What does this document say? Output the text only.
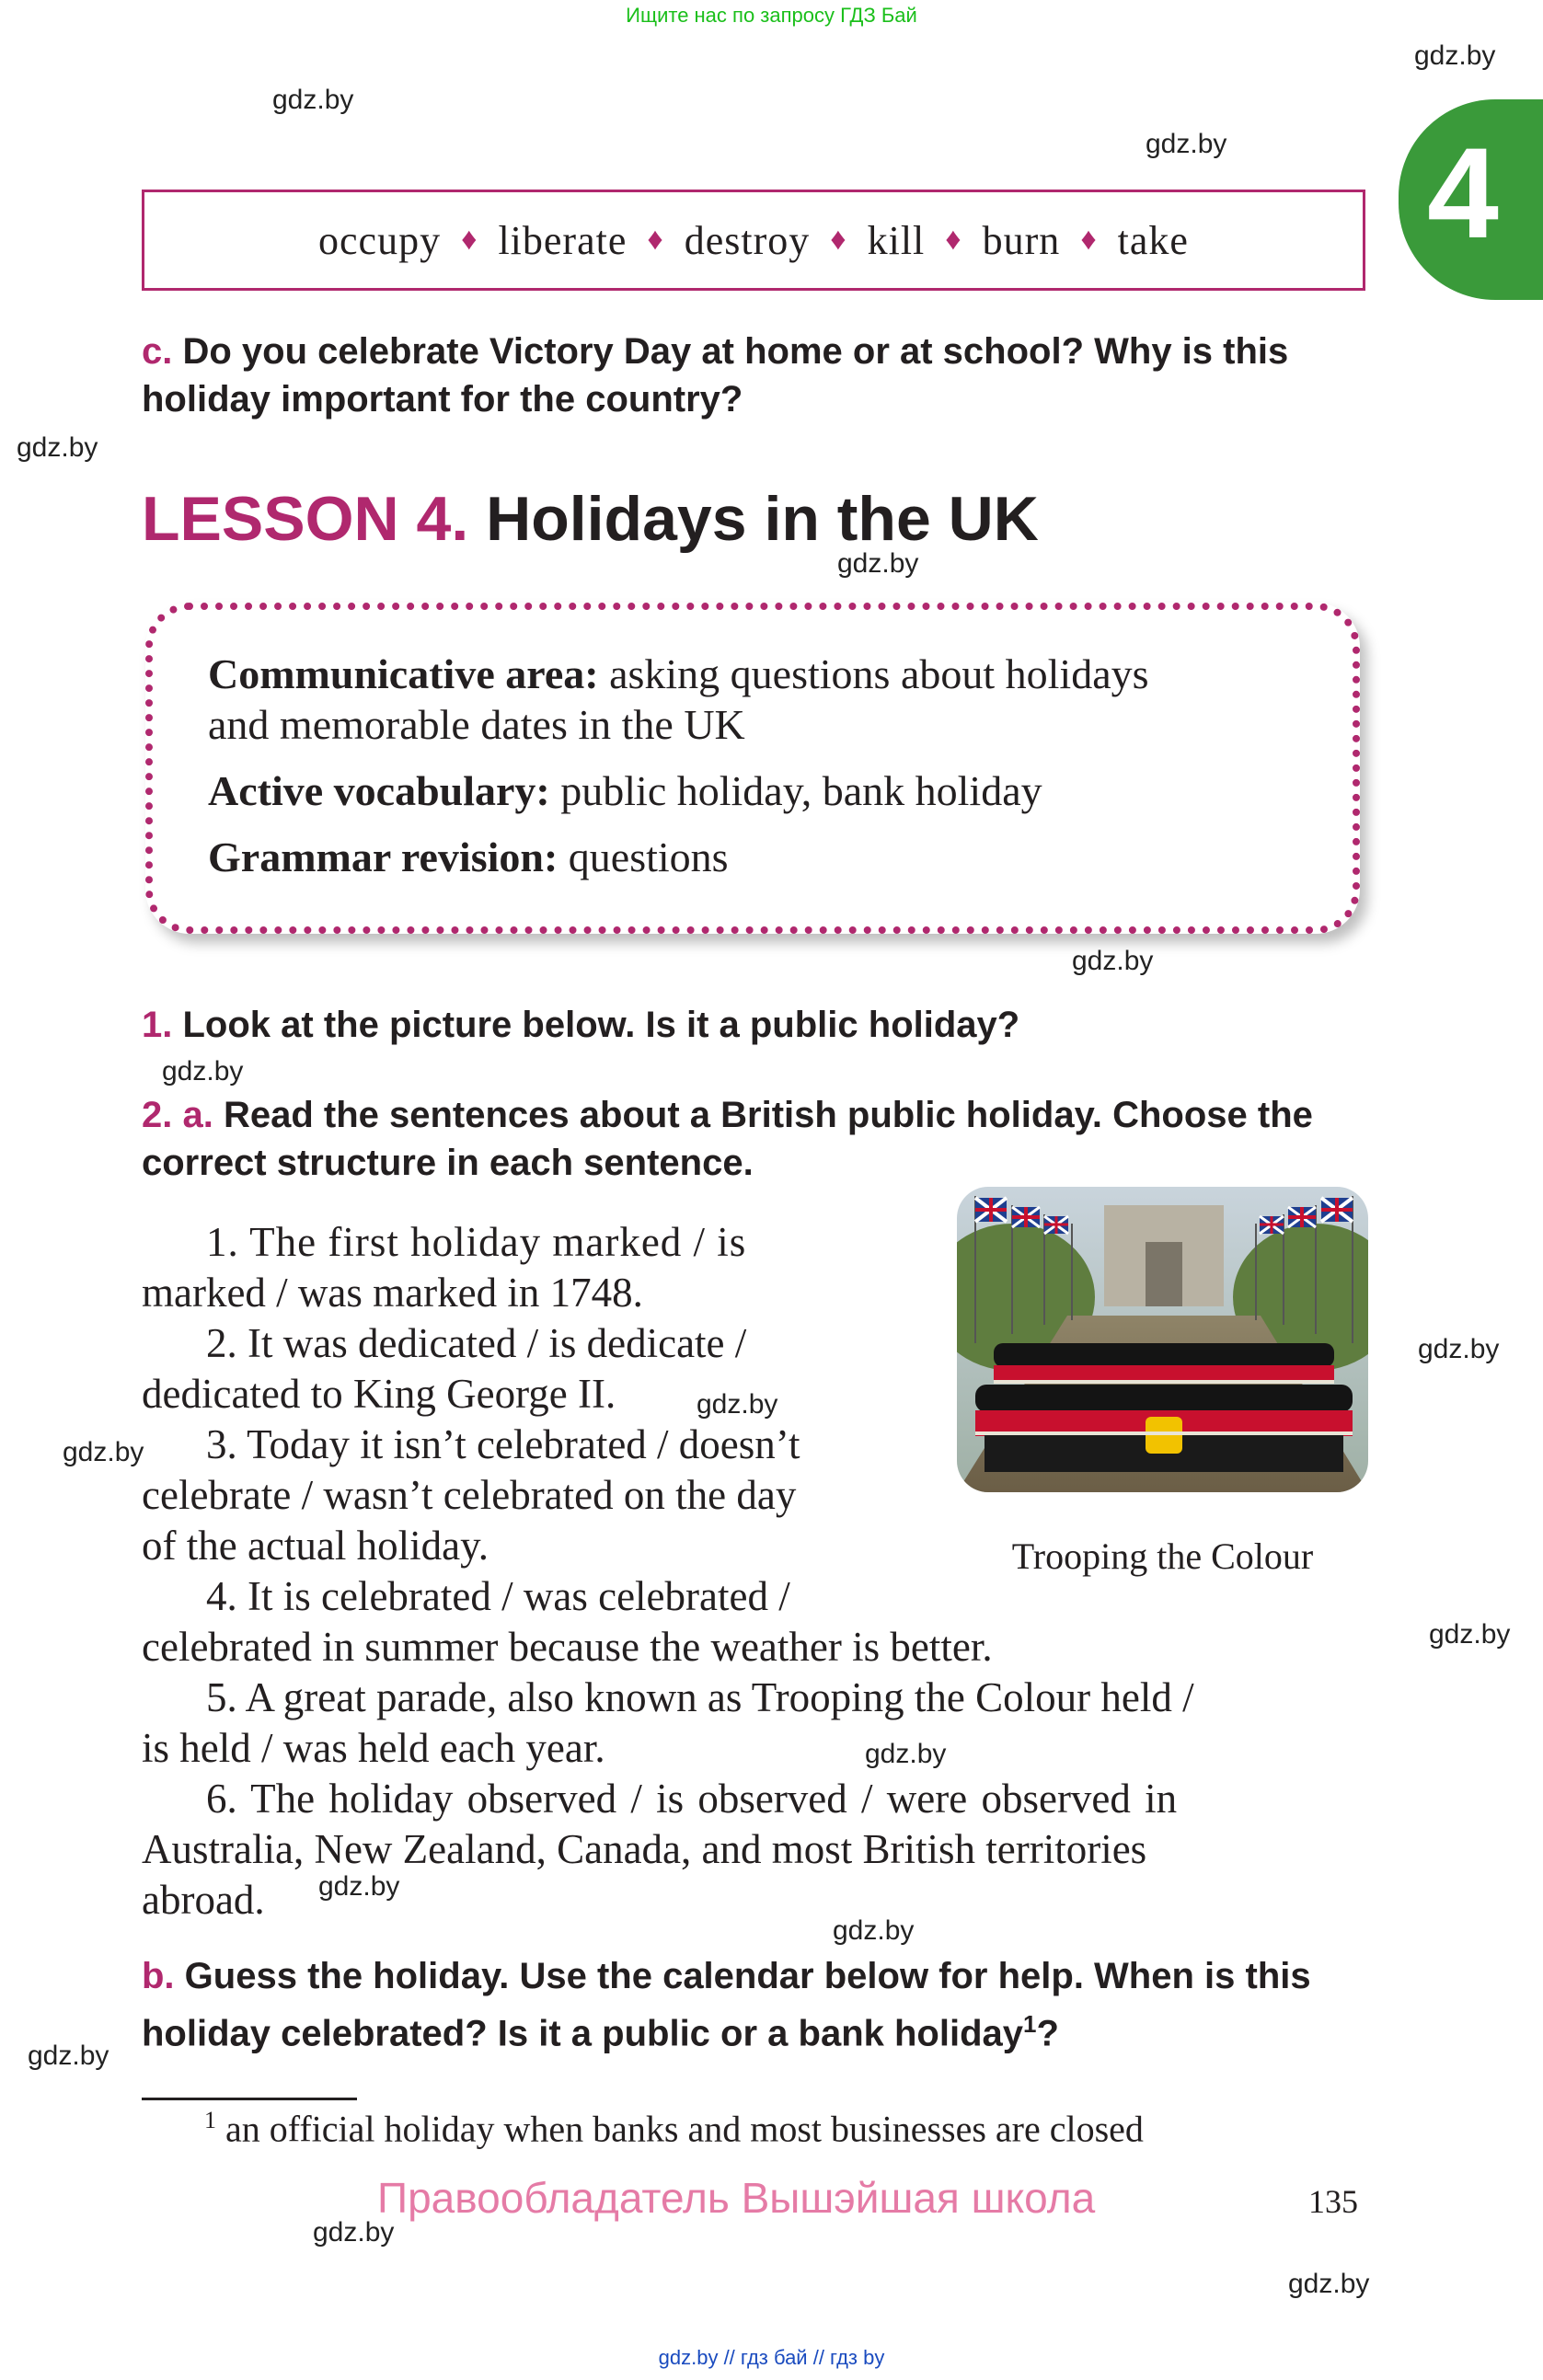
Ищите нас по запросу ГДЗ Бай
4
gdz.by
gdz.by
gdz.by
gdz.by
gdz.by
gdz.by
gdz.by
gdz.by
gdz.by
gdz.by
gdz.by
gdz.by
gdz.by
gdz.by
gdz.by
gdz.by
gdz.by
occupy ♦ liberate ♦ destroy ♦ kill ♦ burn ♦ take
c. Do you celebrate Victory Day at home or at school? Why is this
holiday important for the country?
LESSON 4. Holidays in the UK
Communicative area: asking questions about holidays
and memorable dates in the UK
Active vocabulary: public holiday, bank holiday
Grammar revision: questions
1. Look at the picture below. Is it a public holiday?
2. a. Read the sentences about a British public holiday. Choose the
correct structure in each sentence.
1. The first holiday marked / is
marked / was marked in 1748.
2. It was dedicated / is dedicate /
dedicated to King George II.
3. Today it isn’t celebrated / doesn’t
celebrate / wasn’t celebrated on the day
of the actual holiday.
4. It is celebrated / was celebrated /
celebrated in summer because the weather is better.
5. A great parade, also known as Trooping the Colour held /
is held / was held each year.
6. The holiday observed / is observed / were observed in
Australia, New Zealand, Canada, and most British territories
abroad.
Trooping the Colour
b. Guess the holiday. Use the calendar below for help. When is this
holiday celebrated? Is it a public or a bank holiday$^1$?
$^1$ an official holiday when banks and most businesses are closed
Правообладатель Вышэйшая школа	135
gdz.by // гдз бай // гдз by
